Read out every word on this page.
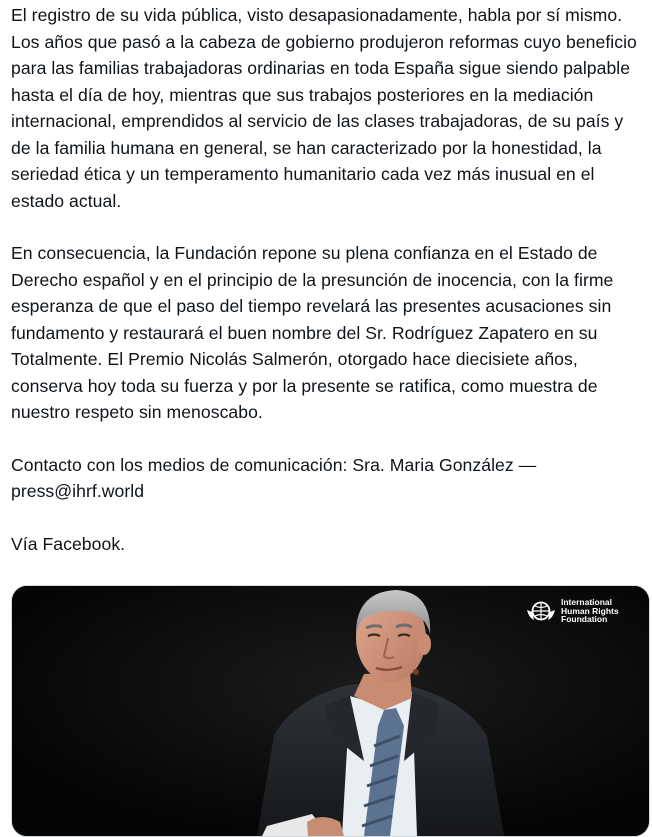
El registro de su vida pública, visto desapasionadamente, habla por sí mismo. Los años que pasó a la cabeza de gobierno produjeron reformas cuyo beneficio para las familias trabajadoras ordinarias en toda España sigue siendo palpable hasta el día de hoy, mientras que sus trabajos posteriores en la mediación internacional, emprendidos al servicio de las clases trabajadoras, de su país y de la familia humana en general, se han caracterizado por la honestidad, la seriedad ética y un temperamento humanitario cada vez más inusual en el estado actual.

En consecuencia, la Fundación repone su plena confianza en el Estado de Derecho español y en el principio de la presunción de inocencia, con la firme esperanza de que el paso del tiempo revelará las presentes acusaciones sin fundamento y restaurará el buen nombre del Sr. Rodríguez Zapatero en su Totalmente. El Premio Nicolás Salmerón, otorgado hace diecisiete años, conserva hoy toda su fuerza y por la presente se ratifica, como muestra de nuestro respeto sin menoscabo.

Contacto con los medios de comunicación: Sra. Maria González —
press@ihrf.world

Vía Facebook.

International
Human Rights
Foundation
